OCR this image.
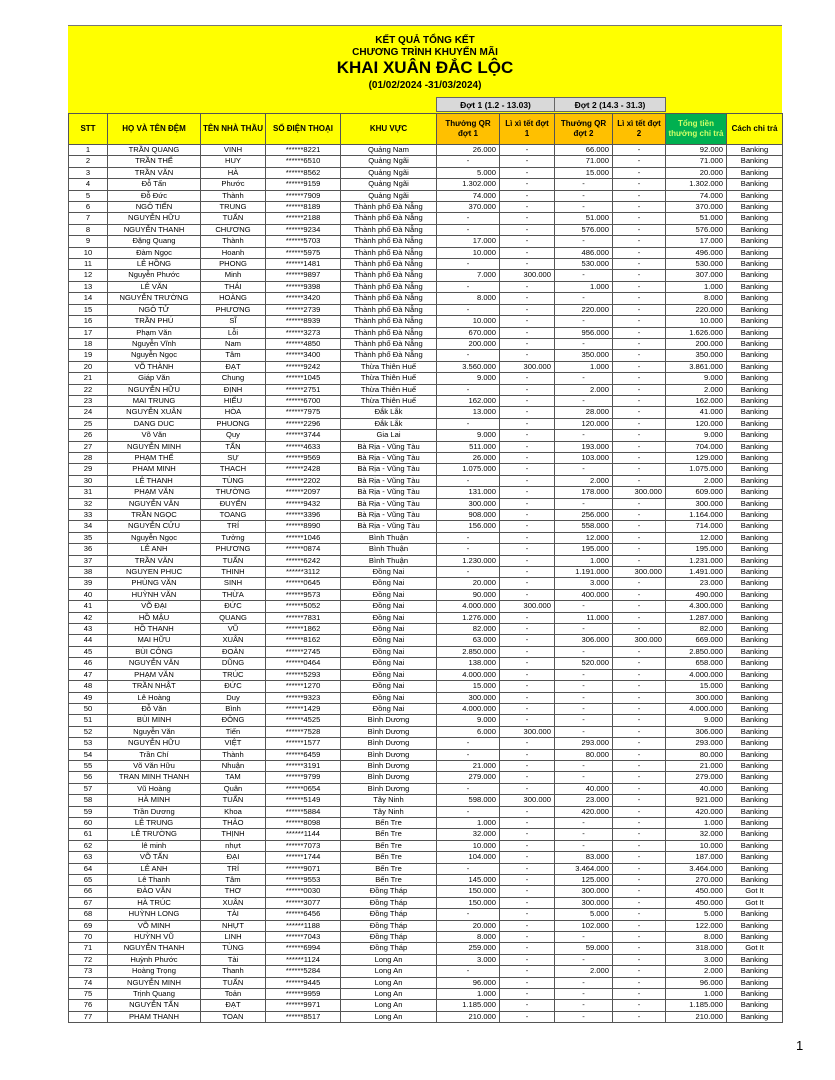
KẾT QUẢ TỔNG KẾT
CHƯƠNG TRÌNH KHUYẾN MÃI
KHAI XUÂN ĐẮC LỘC
(01/02/2024 -31/03/2024)
Đợt 1 (1.2 - 13.03)	Đợt 2 (14.3 - 31.3)
STT	HỌ VÀ TÊN ĐỆM	TÊN NHÀ THẦU	SỐ ĐIỆN THOẠI	KHU VỰC	Thưởng QR đợt 1	Lì xì tết đợt 1	Thưởng QR đợt 2	Lì xì tết đợt 2	Tổng tiền thưởng chi trả	Cách chi trả
1	TRẦN QUANG	VINH	******8221	Quảng Nam	26.000	-	66.000	-	92.000	Banking
2	TRẦN THẾ	HUY	******6510	Quảng Ngãi	-	-	71.000	-	71.000	Banking
3	TRẦN VĂN	HÀ	******8562	Quảng Ngãi	5.000	-	15.000	-	20.000	Banking
4	Đỗ Tấn	Phước	******9159	Quảng Ngãi	1.302.000	-	-	-	1.302.000	Banking
5	Đỗ Đức	Thành	******7909	Quảng Ngãi	74.000	-	-	-	74.000	Banking
6	NGÔ TIẾN	TRUNG	******8189	Thành phố Đà Nẵng	370.000	-	-	-	370.000	Banking
7	NGUYỄN HỮU	TUẤN	******2188	Thành phố Đà Nẵng	-	-	51.000	-	51.000	Banking
8	NGUYỄN THANH	CHƯƠNG	******9234	Thành phố Đà Nẵng	-	-	576.000	-	576.000	Banking
9	Đặng Quang	Thành	******5703	Thành phố Đà Nẵng	17.000	-	-	-	17.000	Banking
10	Đàm Ngọc	Hoanh	******5975	Thành phố Đà Nẵng	10.000	-	486.000	-	496.000	Banking
11	LÊ HỒNG	PHONG	******1481	Thành phố Đà Nẵng	-	-	530.000	-	530.000	Banking
12	Nguyễn Phước	Minh	******9897	Thành phố Đà Nẵng	7.000	300.000	-	-	307.000	Banking
13	LÊ VĂN	THÁI	******9398	Thành phố Đà Nẵng	-	-	1.000	-	1.000	Banking
14	NGUYỄN TRƯỜNG	HOÀNG	******3420	Thành phố Đà Nẵng	8.000	-	-	-	8.000	Banking
15	NGÔ TỬ	PHƯƠNG	******2739	Thành phố Đà Nẵng	-	-	220.000	-	220.000	Banking
16	TRẦN PHÚ	SĨ	******8939	Thành phố Đà Nẵng	10.000	-	-	-	10.000	Banking
17	Phạm Văn	Lỗi	******3273	Thành phố Đà Nẵng	670.000	-	956.000	-	1.626.000	Banking
18	Nguyễn Vĩnh	Nam	******4850	Thành phố Đà Nẵng	200.000	-	-	-	200.000	Banking
19	Nguyễn Ngọc	Tâm	******3400	Thành phố Đà Nẵng	-	-	350.000	-	350.000	Banking
20	VÕ THÀNH	ĐẠT	******9242	Thừa Thiên Huế	3.560.000	300.000	1.000	-	3.861.000	Banking
21	Giáp Văn	Chung	******1045	Thừa Thiên Huế	9.000	-	-	-	9.000	Banking
22	NGUYỄN HỮU	ĐỊNH	******2751	Thừa Thiên Huế	-	-	2.000	-	2.000	Banking
23	MAI TRUNG	HIẾU	******6700	Thừa Thiên Huế	162.000	-	-	-	162.000	Banking
24	NGUYỄN XUÂN	HÒA	******7975	Đắk Lắk	13.000	-	28.000	-	41.000	Banking
25	DANG DUC	PHUONG	******2296	Đắk Lắk	-	-	120.000	-	120.000	Banking
26	Võ Văn	Quy	******3744	Gia Lai	9.000	-	-	-	9.000	Banking
27	NGUYỄN MINH	TẤN	******4633	Bà Rịa - Vũng Tàu	511.000	-	193.000	-	704.000	Banking
28	PHẠM THẾ	SỰ	******9569	Bà Rịa - Vũng Tàu	26.000	-	103.000	-	129.000	Banking
29	PHAM MINH	THACH	******2428	Bà Rịa - Vũng Tàu	1.075.000	-	-	-	1.075.000	Banking
30	LÊ THANH	TÙNG	******2202	Bà Rịa - Vũng Tàu	-	-	2.000	-	2.000	Banking
31	PHẠM VĂN	THƯỜNG	******2097	Bà Rịa - Vũng Tàu	131.000	-	178.000	300.000	609.000	Banking
32	NGUYỄN VĂN	ĐUYẾN	******9432	Bà Rịa - Vũng Tàu	300.000	-	-	-	300.000	Banking
33	TRẦN NGỌC	TOANG	******3396	Bà Rịa - Vũng Tàu	908.000	-	256.000	-	1.164.000	Banking
34	NGUYỄN CỬU	TRÍ	******8990	Bà Rịa - Vũng Tàu	156.000	-	558.000	-	714.000	Banking
35	Nguyễn Ngọc	Tưởng	******1046	Bình Thuận	-	-	12.000	-	12.000	Banking
36	LÊ ANH	PHƯƠNG	******0874	Bình Thuận	-	-	195.000	-	195.000	Banking
37	TRẦN VĂN	TUẤN	******6242	Bình Thuận	1.230.000	-	1.000	-	1.231.000	Banking
38	NGUYEN PHUC	THINH	******3112	Đồng Nai	-	-	1.191.000	300.000	1.491.000	Banking
39	PHÙNG VĂN	SINH	******0645	Đồng Nai	20.000	-	3.000	-	23.000	Banking
40	HUỲNH VĂN	THỪA	******9573	Đồng Nai	90.000	-	400.000	-	490.000	Banking
41	VÕ ĐẠI	ĐỨC	******5052	Đồng Nai	4.000.000	300.000	-	-	4.300.000	Banking
42	HỒ MẬU	QUANG	******7831	Đồng Nai	1.276.000	-	11.000	-	1.287.000	Banking
43	HỒ THANH	VŨ	******1862	Đồng Nai	82.000	-	-	-	82.000	Banking
44	MAI HỮU	XUÂN	******8162	Đồng Nai	63.000	-	306.000	300.000	669.000	Banking
45	BÙI CÔNG	ĐOÀN	******2745	Đồng Nai	2.850.000	-	-	-	2.850.000	Banking
46	NGUYỄN VĂN	DŨNG	******0464	Đồng Nai	138.000	-	520.000	-	658.000	Banking
47	PHẠM VĂN	TRÚC	******5293	Đồng Nai	4.000.000	-	-	-	4.000.000	Banking
48	TRẦN NHẬT	ĐỨC	******1270	Đồng Nai	15.000	-	-	-	15.000	Banking
49	Lê Hoàng	Duy	******9323	Đồng Nai	300.000	-	-	-	300.000	Banking
50	Đỗ Văn	Bình	******1429	Đồng Nai	4.000.000	-	-	-	4.000.000	Banking
51	BÙI MINH	ĐÔNG	******4525	Bình Dương	9.000	-	-	-	9.000	Banking
52	Nguyễn Văn	Tiến	******7528	Bình Dương	6.000	300.000	-	-	306.000	Banking
53	NGUYỄN HỮU	VIỆT	******1577	Bình Dương	-	-	293.000	-	293.000	Banking
54	Trần Chí	Thành	******6459	Bình Dương	-	-	80.000	-	80.000	Banking
55	Võ Văn Hữu	Nhuận	******3191	Bình Dương	21.000	-	-	-	21.000	Banking
56	TRAN MINH THANH	TAM	******9799	Bình Dương	279.000	-	-	-	279.000	Banking
57	Vũ Hoàng	Quân	******0654	Bình Dương	-	-	40.000	-	40.000	Banking
58	HÀ MINH	TUẤN	******5149	Tây Ninh	598.000	300.000	23.000	-	921.000	Banking
59	Trần Dương	Khoa	******5884	Tây Ninh	-	-	420.000	-	420.000	Banking
60	LÊ TRUNG	THẢO	******8098	Bến Tre	1.000	-	-	-	1.000	Banking
61	LÊ TRƯỜNG	THỊNH	******1144	Bến Tre	32.000	-	-	-	32.000	Banking
62	lê minh	nhựt	******7073	Bến Tre	10.000	-	-	-	10.000	Banking
63	VÕ TẤN	ĐẠI	******1744	Bến Tre	104.000	-	83.000	-	187.000	Banking
64	LÊ ANH	TRÍ	******9071	Bến Tre	-	-	3.464.000	-	3.464.000	Banking
65	Lê Thanh	Tâm	******9553	Bến Tre	145.000	-	125.000	-	270.000	Banking
66	ĐÀO VĂN	THƠ	******0030	Đồng Tháp	150.000	-	300.000	-	450.000	Got It
67	HÀ TRÚC	XUÂN	******3077	Đồng Tháp	150.000	-	300.000	-	450.000	Got It
68	HUỲNH LONG	TÀI	******6456	Đồng Tháp	-	-	5.000	-	5.000	Banking
69	VÕ MINH	NHỰT	******1188	Đồng Tháp	20.000	-	102.000	-	122.000	Banking
70	HUỲNH VŨ	LINH	******7043	Đồng Tháp	8.000	-	-	-	8.000	Banking
71	NGUYỄN THANH	TÙNG	******6994	Đồng Tháp	259.000	-	59.000	-	318.000	Got It
72	Huỳnh Phước	Tài	******1124	Long An	3.000	-	-	-	3.000	Banking
73	Hoàng Trọng	Thanh	******5284	Long An	-	-	2.000	-	2.000	Banking
74	NGUYỄN MINH	TUẤN	******9445	Long An	96.000	-	-	-	96.000	Banking
75	Trịnh Quang	Toản	******9959	Long An	1.000	-	-	-	1.000	Banking
76	NGUYỄN TẤN	ĐẠT	******9971	Long An	1.185.000	-	-	-	1.185.000	Banking
77	PHAM THANH	TOAN	******8517	Long An	210.000	-	-	-	210.000	Banking
1
